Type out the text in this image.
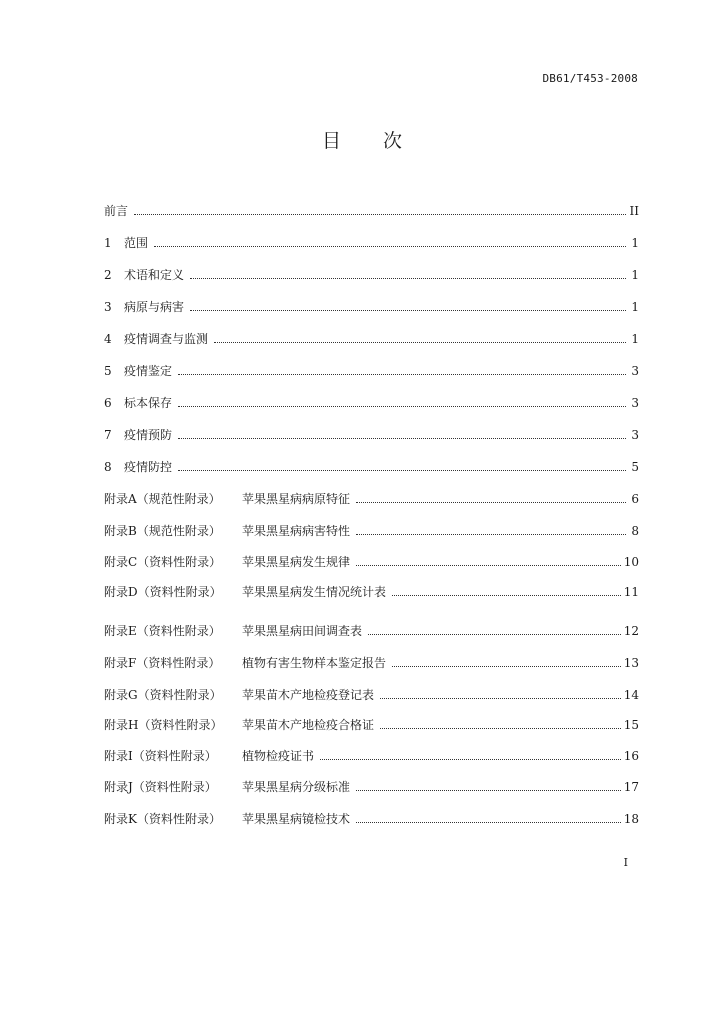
DB61/T453-2008
目 次
前言	II
1	范围	1
2	术语和定义	1
3	病原与病害	1
4	疫情调查与监测	1
5	疫情鉴定	3
6	标本保存	3
7	疫情预防	3
8	疫情防控	5
附录A（规范性附录）	苹果黑星病病原特征	6
附录B（规范性附录）	苹果黑星病病害特性	8
附录C（资料性附录）	苹果黑星病发生规律	10
附录D（资料性附录）	苹果黑星病发生情况统计表	11
附录E（资料性附录）	苹果黑星病田间调查表	12
附录F（资料性附录）	植物有害生物样本鉴定报告	13
附录G（资料性附录）	苹果苗木产地检疫登记表	14
附录H（资料性附录）	苹果苗木产地检疫合格证	15
附录I（资料性附录）	植物检疫证书	16
附录J（资料性附录）	苹果黑星病分级标准	17
附录K（资料性附录）	苹果黑星病镜检技术	18
I
